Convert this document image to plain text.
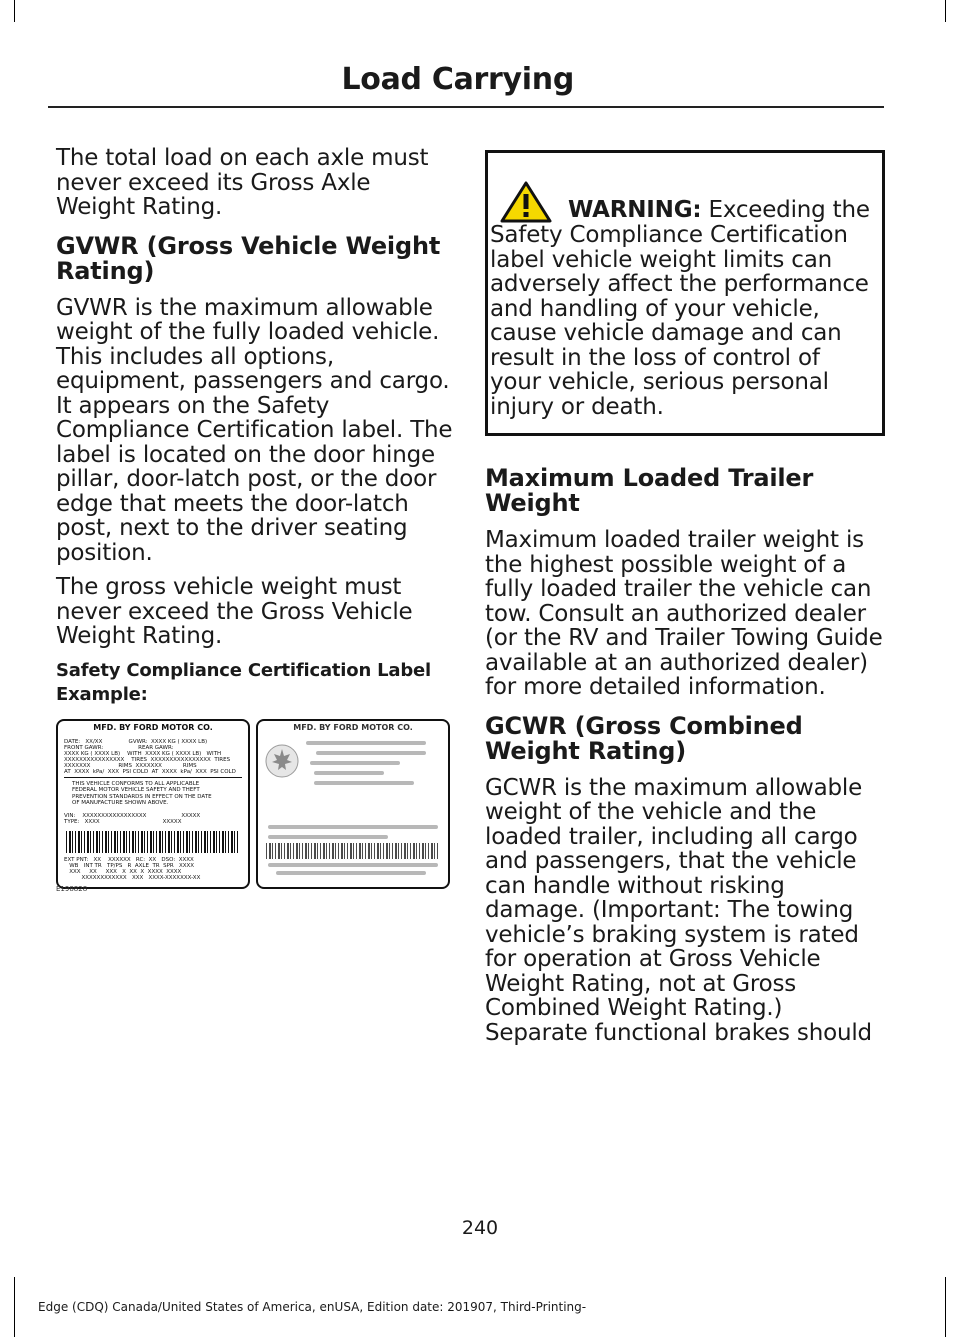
Load Carrying

The total load on each axle must never exceed its Gross Axle Weight Rating.

GVWR (Gross Vehicle Weight Rating)

GVWR is the maximum allowable weight of the fully loaded vehicle. This includes all options, equipment, passengers and cargo. It appears on the Safety Compliance Certification label. The label is located on the door hinge pillar, door-latch post, or the door edge that meets the door-latch post, next to the driver seating position.

The gross vehicle weight must never exceed the Gross Vehicle Weight Rating.

Safety Compliance Certification Label Example:
MFD. BY FORD MOTOR CO.
DATE:   XX/XX               GVWR:  XXXX KG ( XXXX LB)
FRONT GAWR:                    REAR GAWR:
XXXX KG ( XXXX LB)    WITH  XXXX KG ( XXXX LB)   WITH
XXXXXXXXXXXXXXXX    TIRES  XXXXXXXXXXXXXXXX  TIRES
XXXXXXX                RIMS  XXXXXXX            RIMS
AT  XXXX  kPa/  XXX  PSI COLD  AT  XXXX  kPa/  XXX  PSI COLD
THIS VEHICLE CONFORMS TO ALL APPLICABLE FEDERAL MOTOR VEHICLE SAFETY AND THEFT PREVENTION STANDARDS IN EFFECT ON THE DATE OF MANUFACTURE SHOWN ABOVE.
VIN:    XXXXXXXXXXXXXXXXX                    XXXXX
TYPE:   XXXX                                    XXXXX
EXT PNT:   XX    XXXXXX   RC:  XX   DSO:  XXXX
WB   INT TR   TP/PS   R  AXLE  TR  SPR   XXXX
XXX     XX     XXX   X  XX  X  XXXX  XXXX
XXXXXXXXXXXX   XXX   XXXX-XXXXXXX-XX
MFD. BY FORD MOTOR CO.
E198828

WARNING: Exceeding the Safety Compliance Certification label vehicle weight limits can adversely affect the performance and handling of your vehicle, cause vehicle damage and can result in the loss of control of your vehicle, serious personal injury or death.

Maximum Loaded Trailer Weight

Maximum loaded trailer weight is the highest possible weight of a fully loaded trailer the vehicle can tow. Consult an authorized dealer (or the RV and Trailer Towing Guide available at an authorized dealer) for more detailed information.

GCWR (Gross Combined Weight Rating)

GCWR is the maximum allowable weight of the vehicle and the loaded trailer, including all cargo and passengers, that the vehicle can handle without risking damage. (Important: The towing vehicle’s braking system is rated for operation at Gross Vehicle Weight Rating, not at Gross Combined Weight Rating.) Separate functional brakes should

240
Edge (CDQ) Canada/United States of America, enUSA, Edition date: 201907, Third-Printing-
